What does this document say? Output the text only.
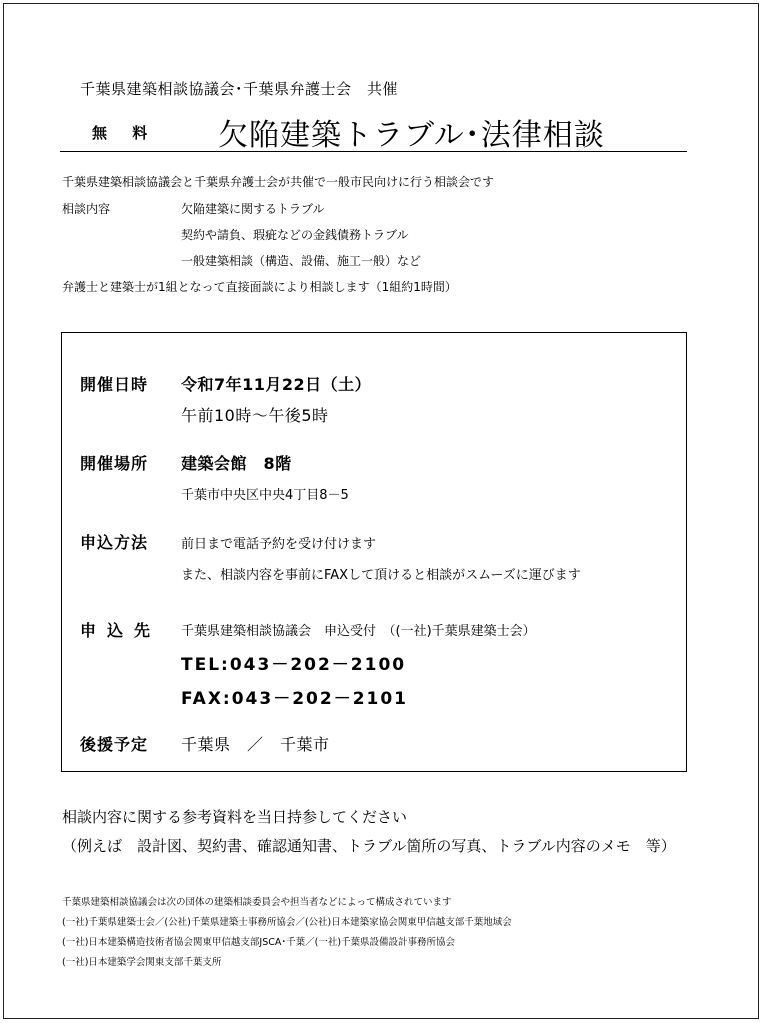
千葉県建築相談協議会･千葉県弁護士会　共催
無 料 欠陥建築トラブル･法律相談
千葉県建築相談協議会と千葉県弁護士会が共催で一般市民向けに行う相談会です
相談内容	欠陥建築に関するトラブル
契約や請負、瑕疵などの金銭債務トラブル
一般建築相談（構造、設備、施工一般）など
弁護士と建築士が1組となって直接面談により相談します（1組約1時間）
開催日時 令和7年11月22日（土）
午前10時～午後5時
開催場所 建築会館　8階
千葉市中央区中央4丁目8－5
申込方法	前日まで電話予約を受け付けます
また、相談内容を事前にFAXして頂けると相談がスムーズに運びます
申込先 千葉県建築相談協議会　申込受付　（(一社)千葉県建築士会）
TEL:043－202－2100
FAX:043－202－2101
後援予定 千葉県　／　千葉市
相談内容に関する参考資料を当日持参してください
（例えば　設計図、契約書、確認通知書、トラブル箇所の写真、トラブル内容のメモ　等）
千葉県建築相談協議会は次の団体の建築相談委員会や担当者などによって構成されています
(一社)千葉県建築士会／(公社)千葉県建築士事務所協会／(公社)日本建築家協会関東甲信越支部千葉地域会
(一社)日本建築構造技術者協会関東甲信越支部JSCA･千葉／(一社)千葉県設備設計事務所協会
(一社)日本建築学会関東支部千葉支所
